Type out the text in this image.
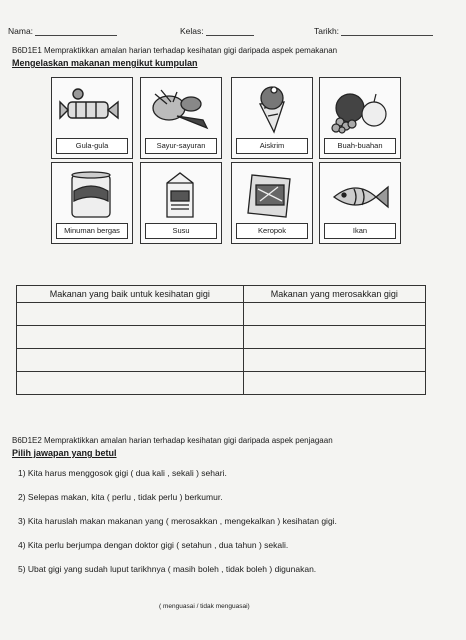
Nama:	Kelas:	Tarikh:
B6D1E1 Mempraktikkan amalan harian terhadap kesihatan gigi daripada aspek pemakanan
Mengelaskan makanan mengikut kumpulan
Gula-gula	Sayur-sayuran	Aiskrim	Buah-buahan
Minuman bergas	Susu	Keropok	Ikan
Makanan yang baik untuk kesihatan gigi	Makanan yang merosakkan gigi

B6D1E2 Mempraktikkan amalan harian terhadap kesihatan gigi daripada aspek penjagaan
Pilih jawapan yang betul
1) Kita harus menggosok gigi ( dua kali , sekali ) sehari.
2) Selepas makan, kita ( perlu , tidak perlu ) berkumur.
3) Kita haruslah makan makanan yang ( merosakkan , mengekalkan ) kesihatan gigi.
4) Kita perlu berjumpa dengan doktor gigi ( setahun , dua tahun ) sekali.
5) Ubat gigi yang sudah luput tarikhnya ( masih boleh , tidak boleh ) digunakan.
( menguasai / tidak menguasai)
